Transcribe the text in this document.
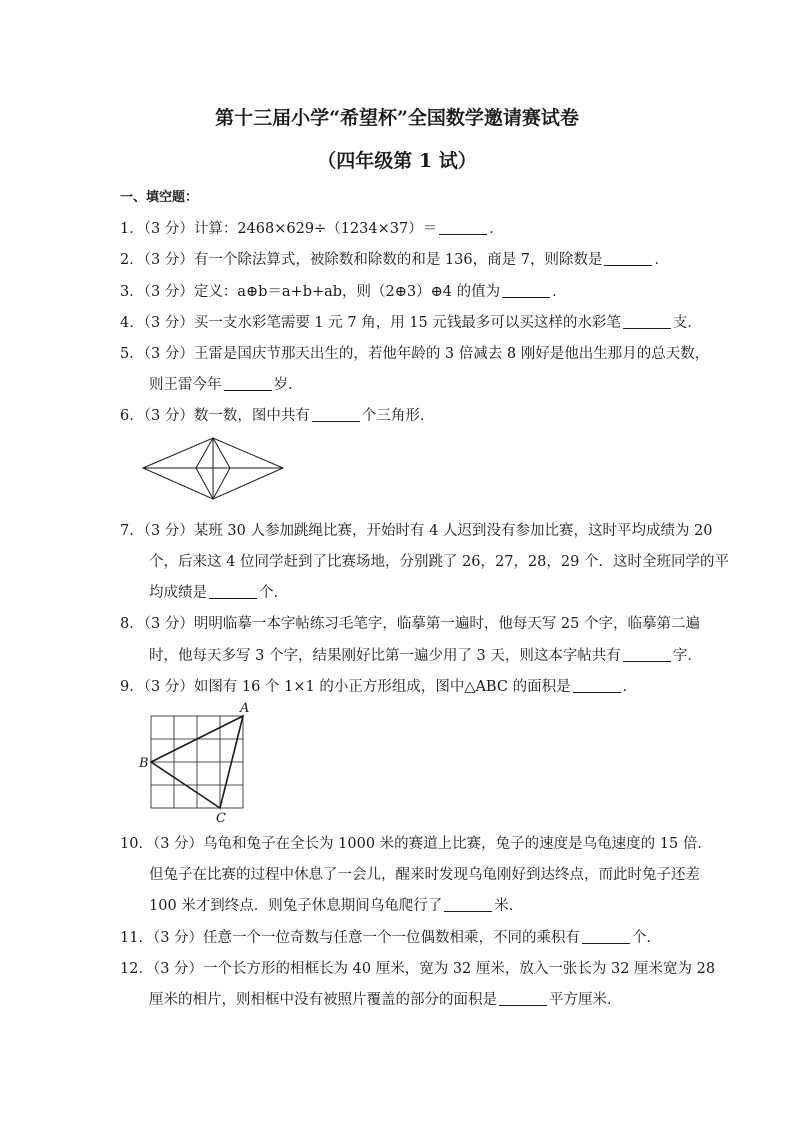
第十三届小学“希望杯”全国数学邀请赛试卷
（四年级第 1 试）
一、填空题：
1．（3 分）计算：2468×629÷（1234×37）＝	．
2．（3 分）有一个除法算式，被除数和除数的和是 136，商是 7，则除数是	．
3．（3 分）定义：a⊕b＝a+b+ab，则（2⊕3）⊕4 的值为	．
4．（3 分）买一支水彩笔需要 1 元 7 角，用 15 元钱最多可以买这样的水彩笔	支．
5．（3 分）王雷是国庆节那天出生的，若他年龄的 3 倍减去 8 刚好是他出生那月的总天数，
则王雷今年	岁．
6．（3 分）数一数，图中共有	个三角形．
7．（3 分）某班 30 人参加跳绳比赛，开始时有 4 人迟到没有参加比赛，这时平均成绩为 20
个，后来这 4 位同学赶到了比赛场地，分别跳了 26，27，28，29 个．这时全班同学的平
均成绩是	个．
8．（3 分）明明临摹一本字帖练习毛笔字，临摹第一遍时，他每天写 25 个字，临摹第二遍
时，他每天多写 3 个字，结果刚好比第一遍少用了 3 天，则这本字帖共有	字．
9．（3 分）如图有 16 个 1×1 的小正方形组成，图中△ABC 的面积是	．
A
B
C
10．（3 分）乌龟和兔子在全长为 1000 米的赛道上比赛，兔子的速度是乌龟速度的 15 倍．
但兔子在比赛的过程中休息了一会儿，醒来时发现乌龟刚好到达终点，而此时兔子还差
100 米才到终点．则兔子休息期间乌龟爬行了	米．
11．（3 分）任意一个一位奇数与任意一个一位偶数相乘，不同的乘积有	个．
12．（3 分）一个长方形的相框长为 40 厘米，宽为 32 厘米，放入一张长为 32 厘米宽为 28
厘米的相片，则相框中没有被照片覆盖的部分的面积是	平方厘米．
